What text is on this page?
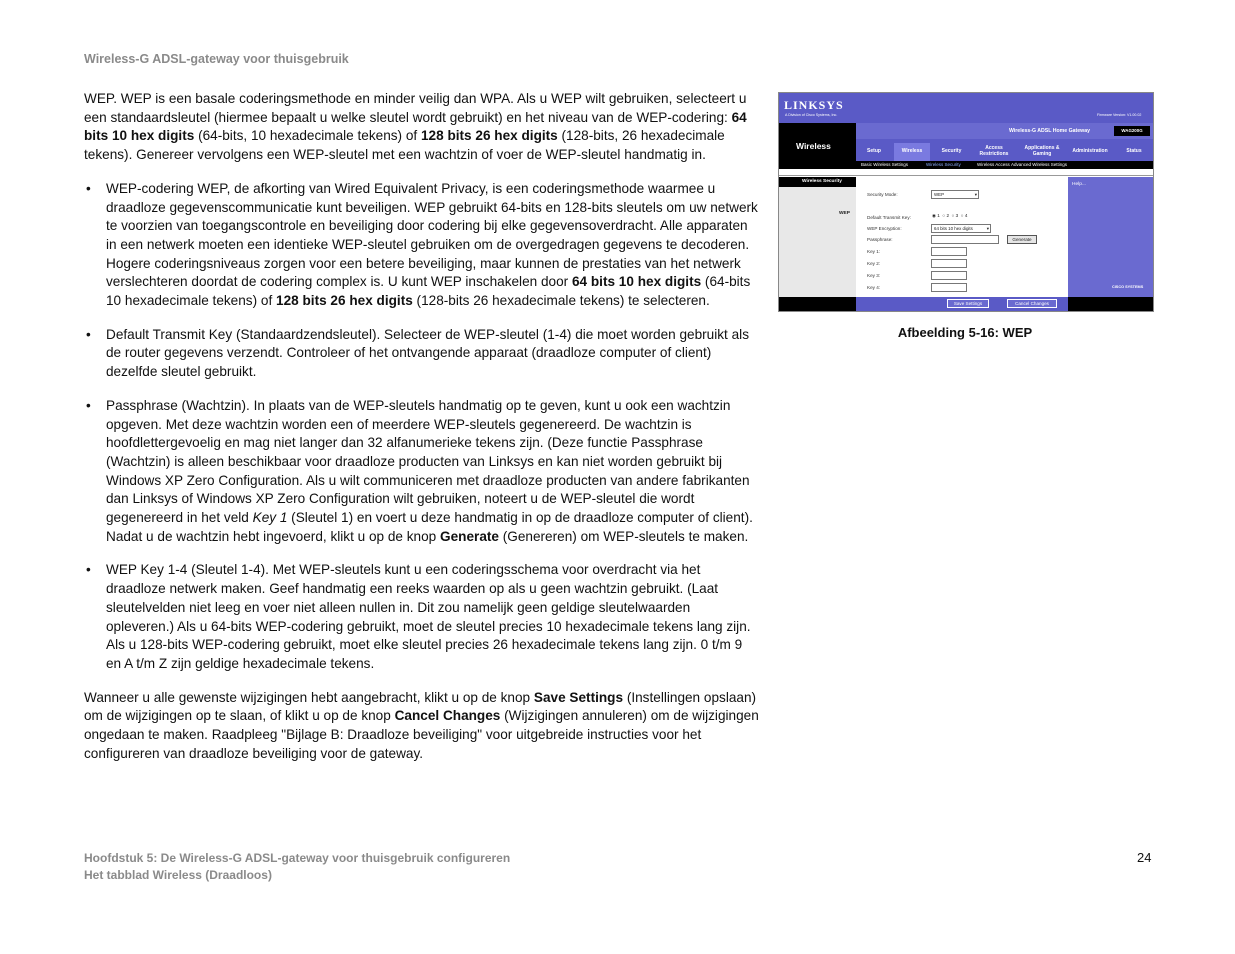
Wireless-G ADSL-gateway voor thuisgebruik

WEP. WEP is een basale coderingsmethode en minder veilig dan WPA. Als u WEP wilt gebruiken, selecteert u een standaardsleutel (hiermee bepaalt u welke sleutel wordt gebruikt) en het niveau van de WEP-codering: 64 bits 10 hex digits (64-bits, 10 hexadecimale tekens) of 128 bits 26 hex digits (128-bits, 26 hexadecimale tekens). Genereer vervolgens een WEP-sleutel met een wachtzin of voer de WEP-sleutel handmatig in.

• WEP-codering WEP, de afkorting van Wired Equivalent Privacy, is een coderingsmethode waarmee u draadloze gegevenscommunicatie kunt beveiligen. WEP gebruikt 64-bits en 128-bits sleutels om uw netwerk te voorzien van toegangscontrole en beveiliging door codering bij elke gegevensoverdracht. Alle apparaten in een netwerk moeten een identieke WEP-sleutel gebruiken om de overgedragen gegevens te decoderen. Hogere coderingsniveaus zorgen voor een betere beveiliging, maar kunnen de prestaties van het netwerk verslechteren doordat de codering complex is. U kunt WEP inschakelen door 64 bits 10 hex digits (64-bits 10 hexadecimale tekens) of 128 bits 26 hex digits (128-bits 26 hexadecimale tekens) te selecteren.
• Default Transmit Key (Standaardzendsleutel). Selecteer de WEP-sleutel (1-4) die moet worden gebruikt als de router gegevens verzendt. Controleer of het ontvangende apparaat (draadloze computer of client) dezelfde sleutel gebruikt.
• Passphrase (Wachtzin). In plaats van de WEP-sleutels handmatig op te geven, kunt u ook een wachtzin opgeven. Met deze wachtzin worden een of meerdere WEP-sleutels gegenereerd. De wachtzin is hoofdlettergevoelig en mag niet langer dan 32 alfanumerieke tekens zijn. (Deze functie Passphrase (Wachtzin) is alleen beschikbaar voor draadloze producten van Linksys en kan niet worden gebruikt bij Windows XP Zero Configuration. Als u wilt communiceren met draadloze producten van andere fabrikanten dan Linksys of Windows XP Zero Configuration wilt gebruiken, noteert u de WEP-sleutel die wordt gegenereerd in het veld Key 1 (Sleutel 1) en voert u deze handmatig in op de draadloze computer of client). Nadat u de wachtzin hebt ingevoerd, klikt u op de knop Generate (Genereren) om WEP-sleutels te maken.
• WEP Key 1-4 (Sleutel 1-4). Met WEP-sleutels kunt u een coderingsschema voor overdracht via het draadloze netwerk maken. Geef handmatig een reeks waarden op als u geen wachtzin gebruikt. (Laat sleutelvelden niet leeg en voer niet alleen nullen in. Dit zou namelijk geen geldige sleutelwaarden opleveren.) Als u 64-bits WEP-codering gebruikt, moet de sleutel precies 10 hexadecimale tekens lang zijn. Als u 128-bits WEP-codering gebruikt, moet elke sleutel precies 26 hexadecimale tekens lang zijn. 0 t/m 9 en A t/m Z zijn geldige hexadecimale tekens.

Wanneer u alle gewenste wijzigingen hebt aangebracht, klikt u op de knop Save Settings (Instellingen opslaan) om de wijzigingen op te slaan, of klikt u op de knop Cancel Changes (Wijzigingen annuleren) om de wijzigingen ongedaan te maken. Raadpleeg "Bijlage B: Draadloze beveiliging" voor uitgebreide instructies voor het configureren van draadloze beveiliging voor de gateway.

LINKSYS
A Division of Cisco Systems, Inc.	Firmware Version: V1.00.02
Wireless
Wireless-G ADSL Home Gateway	WAG200G
Setup	Wireless	Security	Access Restrictions
Applications & Gaming	Administration	Status
Basic Wireless Settings	Wireless Security	Wireless Access Advanced Wireless Settings
Wireless Security
WEP
Help...
Security Mode:	WEP	▾
Default Transmit Key:	◉ 1 ○ 2 ○ 3 ○ 4
WEP Encryption:	64 bits 10 hex digits	▾
Passphrase:	Generate
Key 1:
Key 2:
Key 3:
Key 4:
Save Settings	Cancel Changes
CISCO SYSTEMS
Afbeelding 5-16: WEP
Hoofdstuk 5: De Wireless-G ADSL-gateway voor thuisgebruik configureren
Het tabblad Wireless (Draadloos)
24
